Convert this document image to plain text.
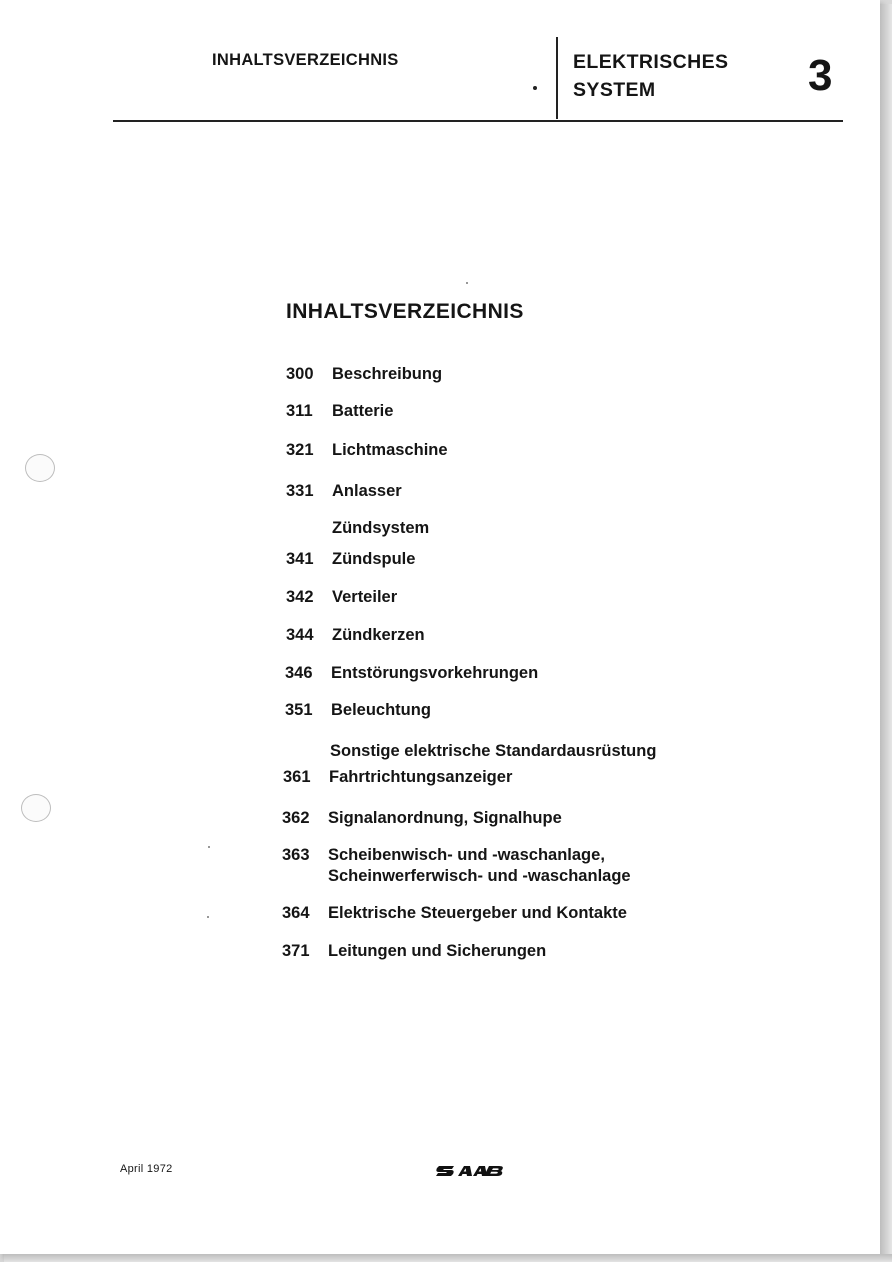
INHALTSVERZEICHNIS	ELEKTRISCHES
SYSTEM	3
INHALTSVERZEICHNIS
300 Beschreibung
311 Batterie
321 Lichtmaschine
331 Anlasser
Zündsystem
341 Zündspule
342 Verteiler
344 Zündkerzen
346 Entstörungsvorkehrungen
351 Beleuchtung
Sonstige elektrische Standardausrüstung
361 Fahrtrichtungsanzeiger
362 Signalanordnung, Signalhupe
363 Scheibenwisch- und -waschanlage,
Scheinwerferwisch- und -waschanlage
364 Elektrische Steuergeber und Kontakte
371 Leitungen und Sicherungen
April 1972
